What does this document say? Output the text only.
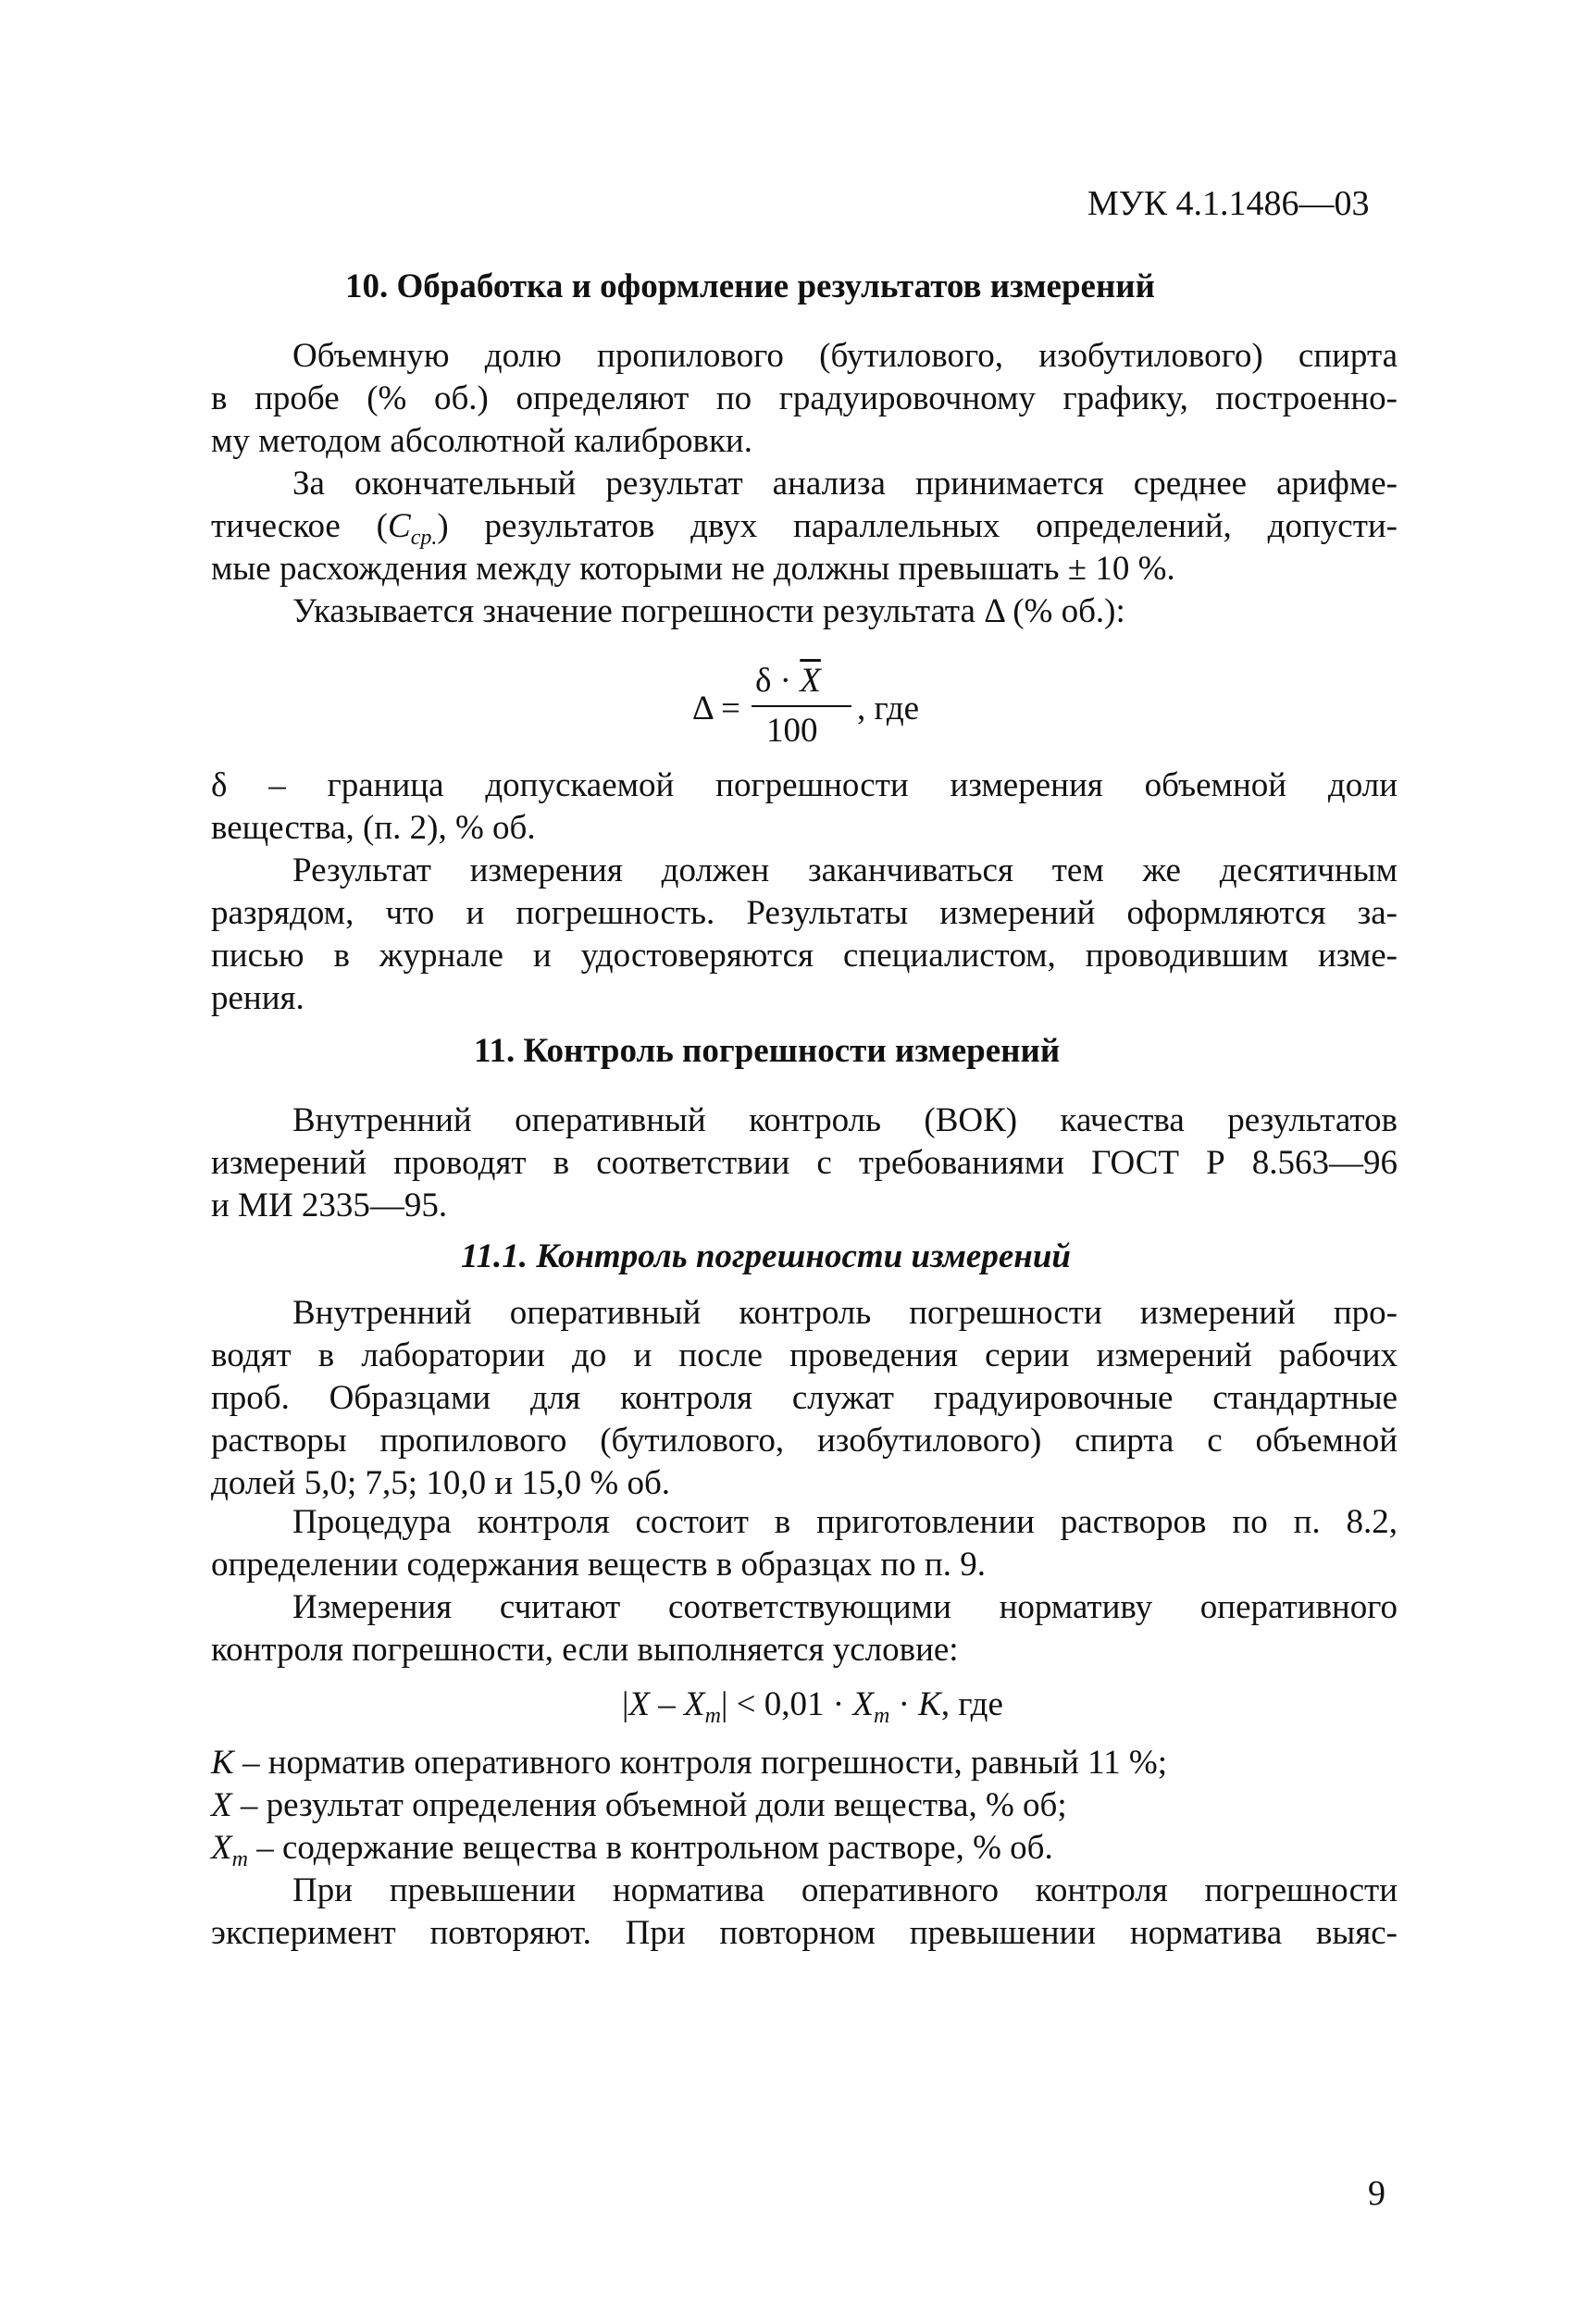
МУК 4.1.1486—03
10. Обработка и оформление результатов измерений
Объемную долю пропилового (бутилового, изобутилового) спирта
в пробе (% об.) определяют по градуировочному графику, построенно-
му методом абсолютной калибровки.
За окончательный результат анализа принимается среднее арифме-
тическое $(C_{ср.})$ результатов двух параллельных определений, допусти-
мые расхождения между которыми не должны превышать ± 10 %.
Указывается значение погрешности результата Δ (% об.):
Δ =
$\delta \cdot \overline{X}$
100
, где
δ – граница допускаемой погрешности измерения объемной доли
вещества, (п. 2), % об.
Результат измерения должен заканчиваться тем же десятичным
разрядом, что и погрешность. Результаты измерений оформляются за-
писью в журнале и удостоверяются специалистом, проводившим изме-
рения.
11. Контроль погрешности измерений
Внутренний оперативный контроль (ВОК) качества результатов
измерений проводят в соответствии с требованиями ГОСТ Р 8.563—96
и МИ 2335—95.
11.1. Контроль погрешности измерений
Внутренний оперативный контроль погрешности измерений про-
водят в лаборатории до и после проведения серии измерений рабочих
проб. Образцами для контроля служат градуировочные стандартные
растворы пропилового (бутилового, изобутилового) спирта с объемной
долей 5,0; 7,5; 10,0 и 15,0 % об.
Процедура контроля состоит в приготовлении растворов по п. 8.2,
определении содержания веществ в образцах по п. 9.
Измерения считают соответствующими нормативу оперативного
контроля погрешности, если выполняется условие:
$|X - X_m| < 0,01 \cdot X_m \cdot K$, где
K – норматив оперативного контроля погрешности, равный 11 %;
X – результат определения объемной доли вещества, % об;
$X_m$ – содержание вещества в контрольном растворе, % об.
При превышении норматива оперативного контроля погрешности
эксперимент повторяют. При повторном превышении норматива выяс-
9
